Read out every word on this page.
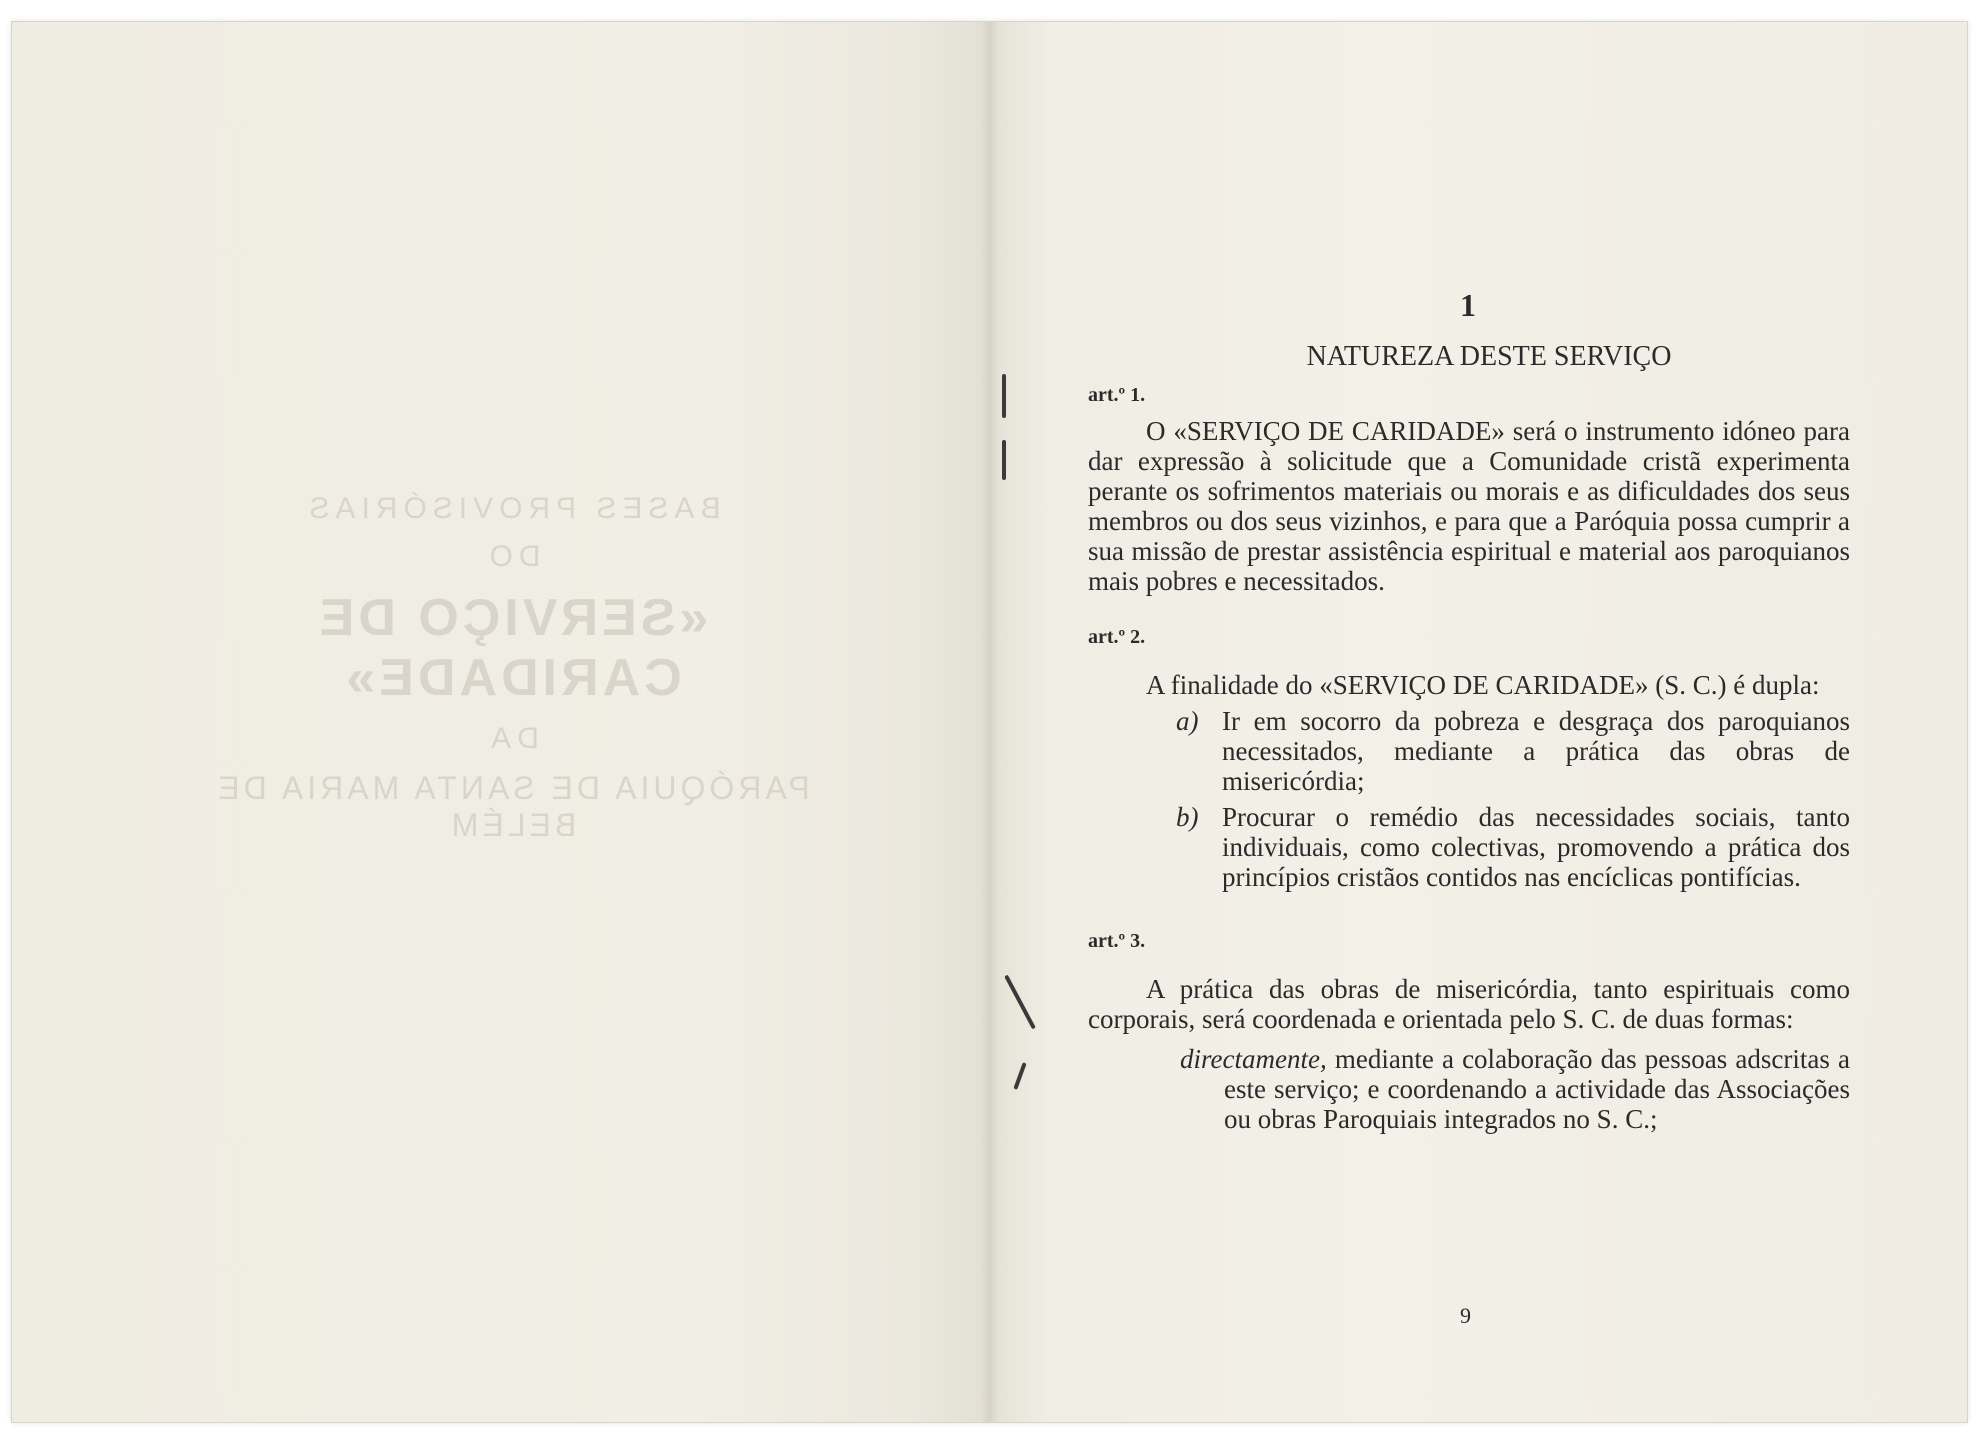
BASES PROVISÓRIAS
DO
«SERVIÇO DE CARIDADE»
DA
PARÓQUIA DE SANTA MARIA DE BELÉM
1
NATUREZA DESTE SERVIÇO
art.º 1.
O «SERVIÇO DE CARIDADE» será o instrumento idóneo para dar expressão à solicitude que a Comunidade cristã experimenta perante os sofrimentos materiais ou morais e as dificuldades dos seus membros ou dos seus vizinhos, e para que a Paróquia possa cumprir a sua missão de prestar assistência espiritual e material aos paroquianos mais pobres e necessitados.
art.º 2.
A finalidade do «SERVIÇO DE CARIDADE» (S. C.) é dupla:
a) Ir em socorro da pobreza e desgraça dos paroquianos necessitados, mediante a prática das obras de misericórdia;
b) Procurar o remédio das necessidades sociais, tanto individuais, como colectivas, promovendo a prática dos princípios cristãos contidos nas encíclicas pontifícias.
art.º 3.
A prática das obras de misericórdia, tanto espirituais como corporais, será coordenada e orientada pelo S. C. de duas formas:
directamente, mediante a colaboração das pessoas adscritas a este serviço; e coordenando a actividade das Associações ou obras Paroquiais integrados no S. C.;
9
